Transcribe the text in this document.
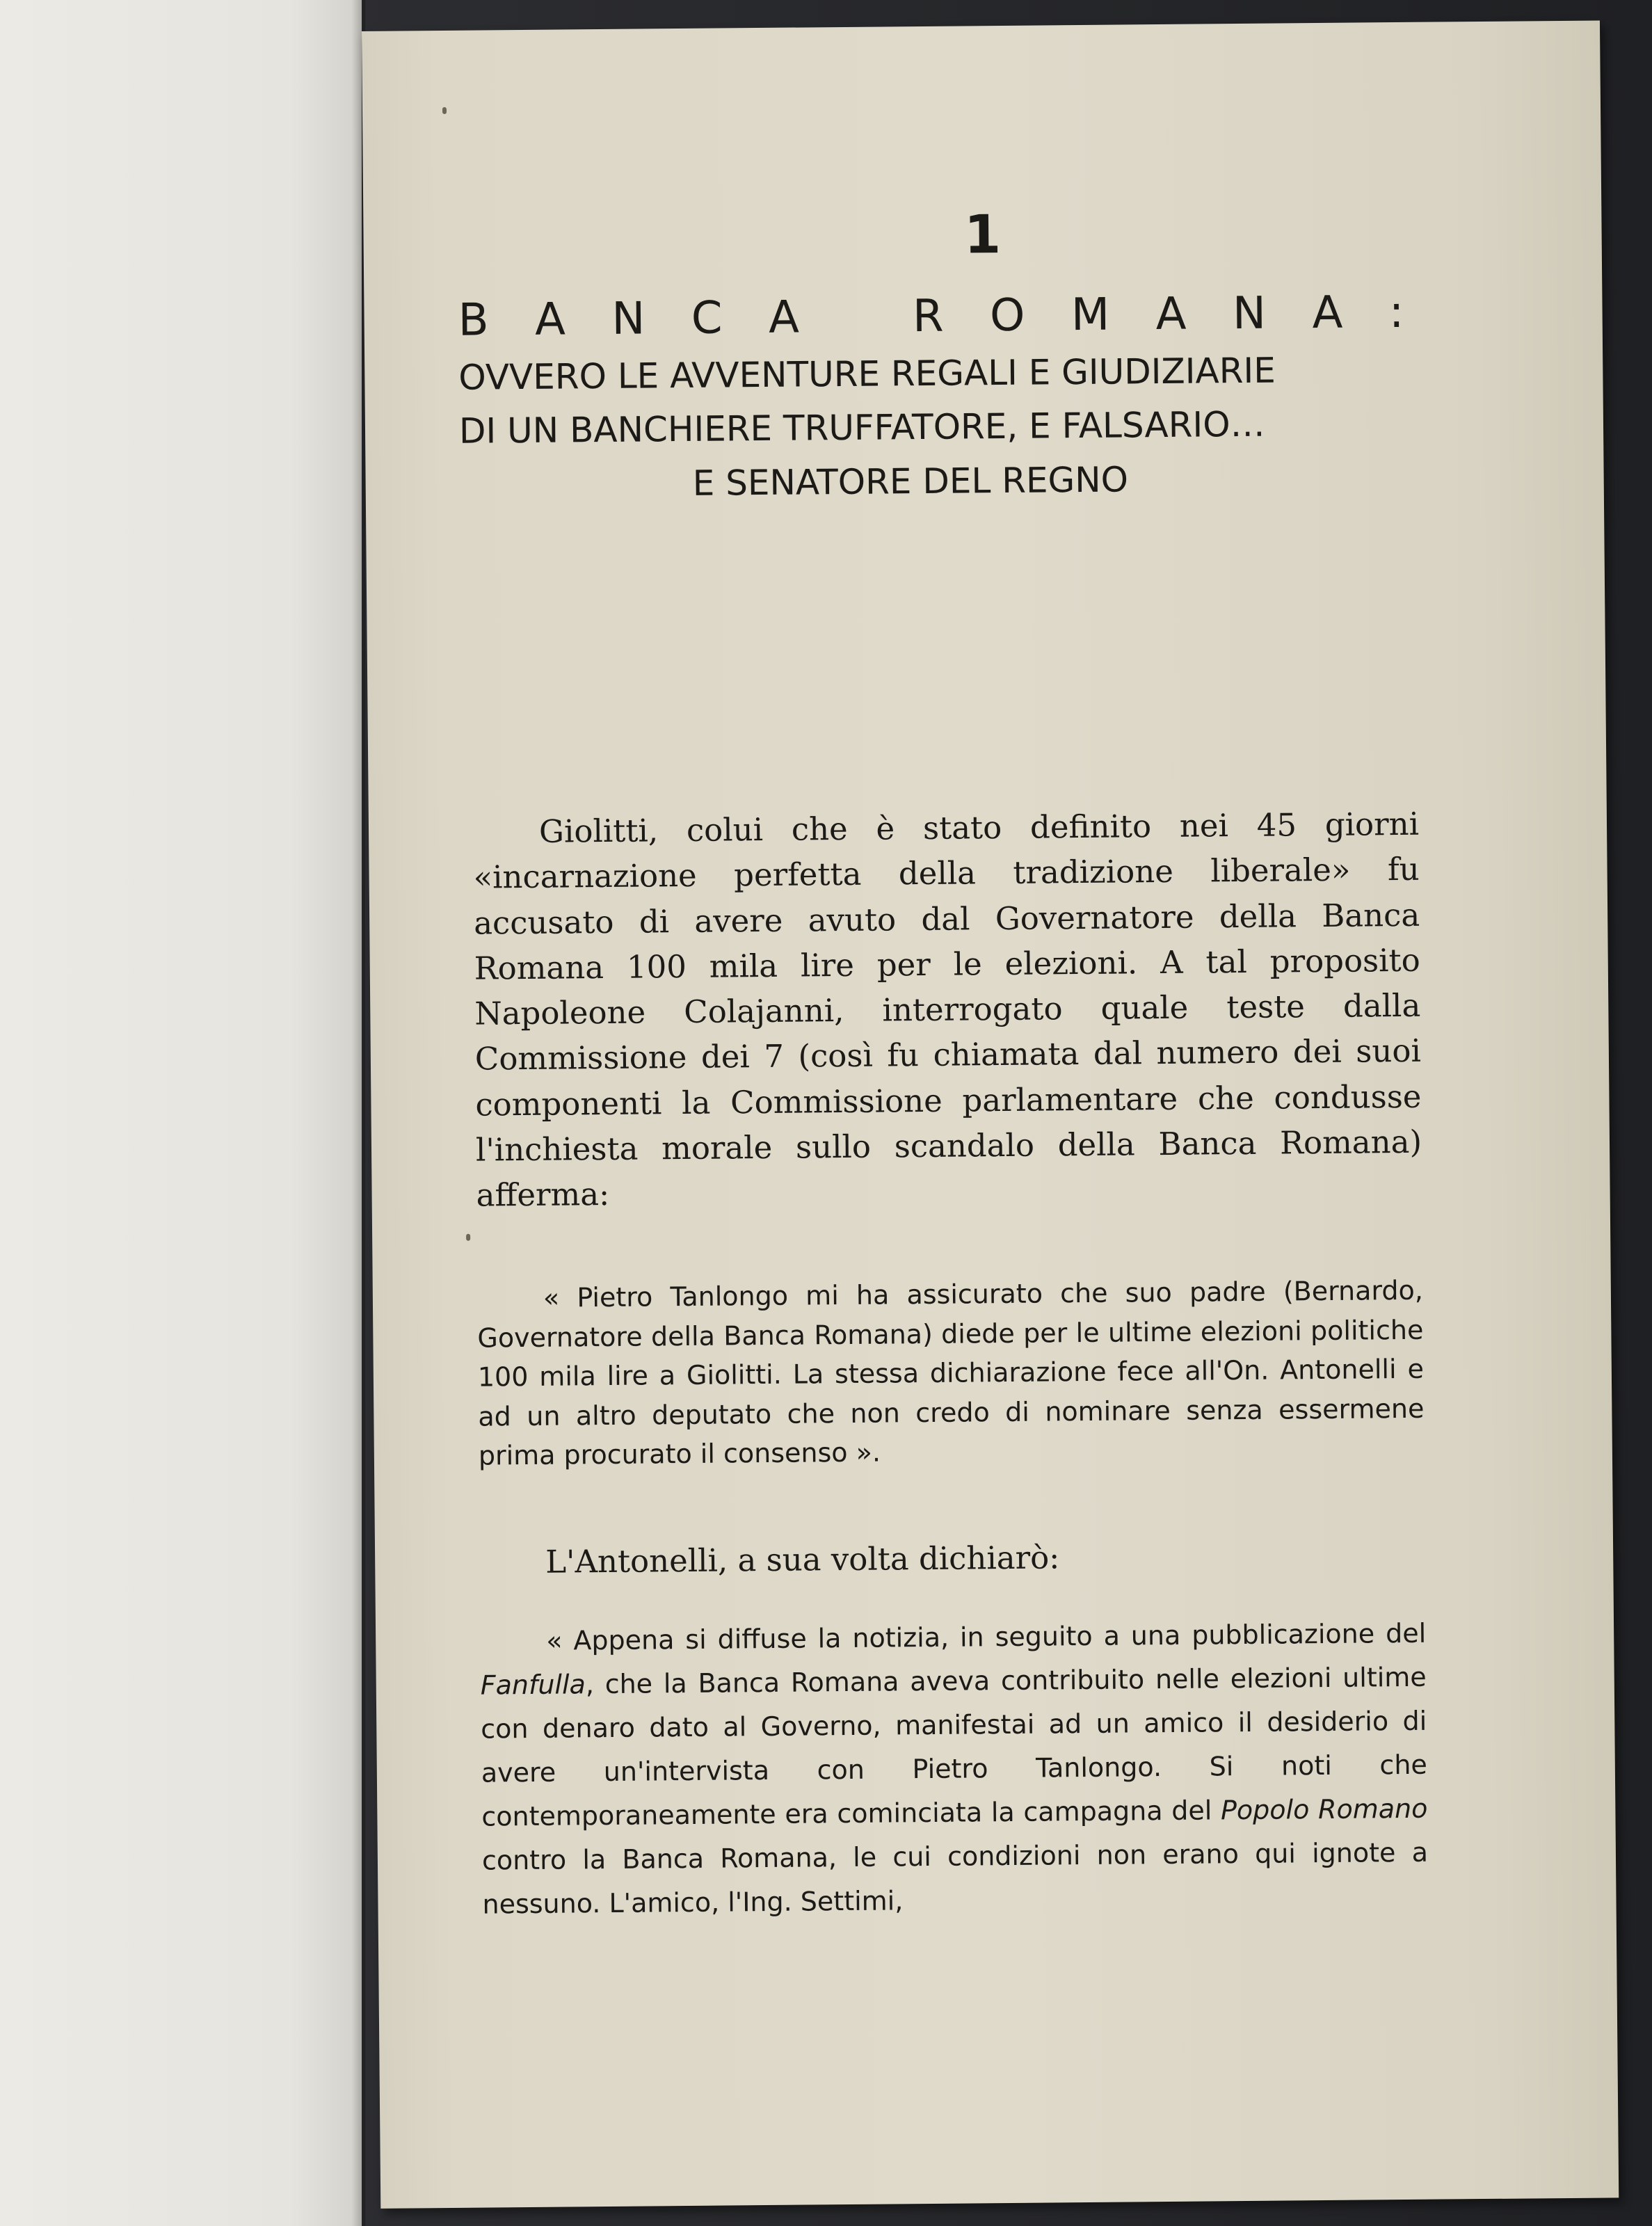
1
B A N C A	R O M A N A :
OVVERO LE AVVENTURE REGALI E GIUDIZIARIE
DI UN BANCHIERE TRUFFATORE, E FALSARIO…
E SENATORE DEL REGNO

Giolitti, colui che è stato definito nei 45 giorni «incarnazione perfetta della tradizione liberale» fu accusato di avere avuto dal Governatore della Banca Romana 100 mila lire per le elezioni. A tal proposito Napoleone Colajanni, interrogato quale teste dalla Commissione dei 7 (così fu chiamata dal numero dei suoi componenti la Commissione parlamentare che condusse l'inchiesta morale sullo scandalo della Banca Romana) afferma:

« Pietro Tanlongo mi ha assicurato che suo padre (Bernardo, Governatore della Banca Romana) diede per le ultime elezioni politiche 100 mila lire a Giolitti. La stessa dichiarazione fece all'On. Antonelli e ad un altro deputato che non credo di nominare senza essermene prima procurato il consenso ».

L'Antonelli, a sua volta dichiarò:

« Appena si diffuse la notizia, in seguito a una pubblicazione del Fanfulla, che la Banca Romana aveva contribuito nelle elezioni ultime con denaro dato al Governo, manifestai ad un amico il desiderio di avere un'intervista con Pietro Tanlongo. Si noti che contemporaneamente era cominciata la campagna del Popolo Romano contro la Banca Romana, le cui condizioni non erano qui ignote a nessuno. L'amico, l'Ing. Settimi,
